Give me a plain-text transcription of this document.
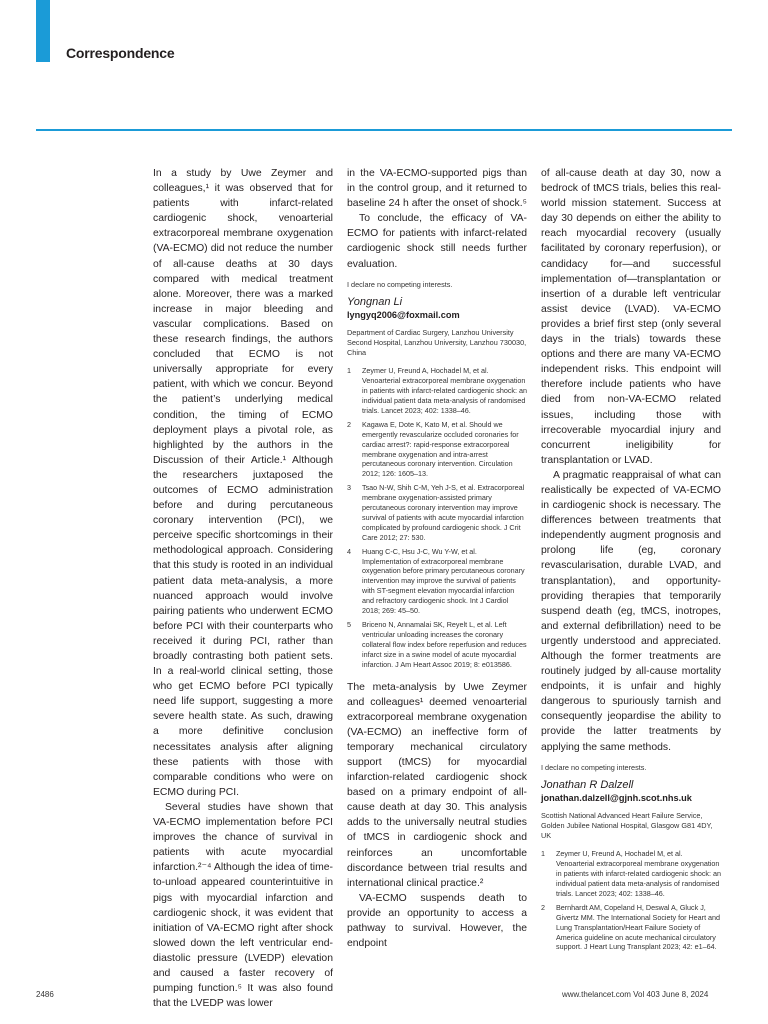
Correspondence

In a study by Uwe Zeymer and colleagues,¹ it was observed that for patients with infarct-related cardiogenic shock, venoarterial extracorporeal membrane oxygenation (VA-ECMO) did not reduce the number of all-cause deaths at 30 days compared with medical treatment alone. Moreover, there was a marked increase in major bleeding and vascular complications. Based on these research findings, the authors concluded that ECMO is not universally appropriate for every patient, with which we concur. Beyond the patient’s underlying medical condition, the timing of ECMO deployment plays a pivotal role, as highlighted by the authors in the Discussion of their Article.¹ Although the researchers juxtaposed the outcomes of ECMO administration before and during percutaneous coronary intervention (PCI), we perceive specific shortcomings in their methodological approach. Considering that this study is rooted in an individual patient data meta-analysis, a more nuanced approach would involve pairing patients who underwent ECMO before PCI with their counterparts who received it during PCI, rather than broadly contrasting both patient sets. In a real-world clinical setting, those who get ECMO before PCI typically need life support, suggesting a more severe health state. As such, drawing a more definitive conclusion necessitates analysis after aligning these patients with those with comparable conditions who were on ECMO during PCI.

Several studies have shown that VA-ECMO implementation before PCI improves the chance of survival in patients with acute myocardial infarction.²⁻⁴ Although the idea of time-to-unload appeared counterintuitive in pigs with myocardial infarction and cardiogenic shock, it was evident that initiation of VA-ECMO right after shock slowed down the left ventricular end-diastolic pressure (LVEDP) elevation and caused a faster recovery of pumping function.⁵ It was also found that the LVEDP was lower

in the VA-ECMO-supported pigs than in the control group, and it returned to baseline 24 h after the onset of shock.⁵

To conclude, the efficacy of VA-ECMO for patients with infarct-related cardiogenic shock still needs further evaluation.

I declare no competing interests.
Yongnan Li
lyngyq2006@foxmail.com
Department of Cardiac Surgery, Lanzhou University Second Hospital, Lanzhou University, Lanzhou 730030, China
1 Zeymer U, Freund A, Hochadel M, et al. Venoarterial extracorporeal membrane oxygenation in patients with infarct-related cardiogenic shock: an individual patient data meta-analysis of randomised trials. Lancet 2023; 402: 1338–46.
2 Kagawa E, Dote K, Kato M, et al. Should we emergently revascularize occluded coronaries for cardiac arrest?: rapid-response extracorporeal membrane oxygenation and intra-arrest percutaneous coronary intervention. Circulation 2012; 126: 1605–13.
3 Tsao N-W, Shih C-M, Yeh J-S, et al. Extracorporeal membrane oxygenation-assisted primary percutaneous coronary intervention may improve survival of patients with acute myocardial infarction complicated by profound cardiogenic shock. J Crit Care 2012; 27: 530.
4 Huang C-C, Hsu J-C, Wu Y-W, et al. Implementation of extracorporeal membrane oxygenation before primary percutaneous coronary intervention may improve the survival of patients with ST-segment elevation myocardial infarction and refractory cardiogenic shock. Int J Cardiol 2018; 269: 45–50.
5 Briceno N, Annamalai SK, Reyelt L, et al. Left ventricular unloading increases the coronary collateral flow index before reperfusion and reduces infarct size in a swine model of acute myocardial infarction. J Am Heart Assoc 2019; 8: e013586.

The meta-analysis by Uwe Zeymer and colleagues¹ deemed venoarterial extracorporeal membrane oxygenation (VA-ECMO) an ineffective form of temporary mechanical circulatory support (tMCS) for myocardial infarction-related cardiogenic shock based on a primary endpoint of all-cause death at day 30. This analysis adds to the universally neutral studies of tMCS in cardiogenic shock and reinforces an uncomfortable discordance between trial results and international clinical practice.²

VA-ECMO suspends death to provide an opportunity to access a pathway to survival. However, the endpoint

of all-cause death at day 30, now a bedrock of tMCS trials, belies this real-world mission statement. Success at day 30 depends on either the ability to reach myocardial recovery (usually facilitated by coronary reperfusion), or candidacy for—and successful implementation of—transplantation or insertion of a durable left ventricular assist device (LVAD). VA-ECMO provides a brief first step (only several days in the trials) towards these options and there are many VA-ECMO independent risks. This endpoint will therefore include patients who have died from non-VA-ECMO related issues, including those with irrecoverable myocardial injury and concurrent ineligibility for transplantation or LVAD.

A pragmatic reappraisal of what can realistically be expected of VA-ECMO in cardiogenic shock is necessary. The differences between treatments that independently augment prognosis and prolong life (eg, coronary revascularisation, durable LVAD, and transplantation), and opportunity-providing therapies that temporarily suspend death (eg, tMCS, inotropes, and external defibrillation) need to be urgently understood and appreciated. Although the former treatments are routinely judged by all-cause mortality endpoints, it is unfair and highly dangerous to spuriously tarnish and consequently jeopardise the ability to provide the latter treatments by applying the same methods.

I declare no competing interests.
Jonathan R Dalzell
jonathan.dalzell@gjnh.scot.nhs.uk
Scottish National Advanced Heart Failure Service, Golden Jubilee National Hospital, Glasgow G81 4DY, UK
1 Zeymer U, Freund A, Hochadel M, et al. Venoarterial extracorporeal membrane oxygenation in patients with infarct-related cardiogenic shock: an individual patient data meta-analysis of randomised trials. Lancet 2023; 402: 1338–46.
2 Bernhardt AM, Copeland H, Deswal A, Gluck J, Givertz MM. The International Society for Heart and Lung Transplantation/Heart Failure Society of America guideline on acute mechanical circulatory support. J Heart Lung Transplant 2023; 42: e1–64.
2486	www.thelancet.com Vol 403 June 8, 2024
